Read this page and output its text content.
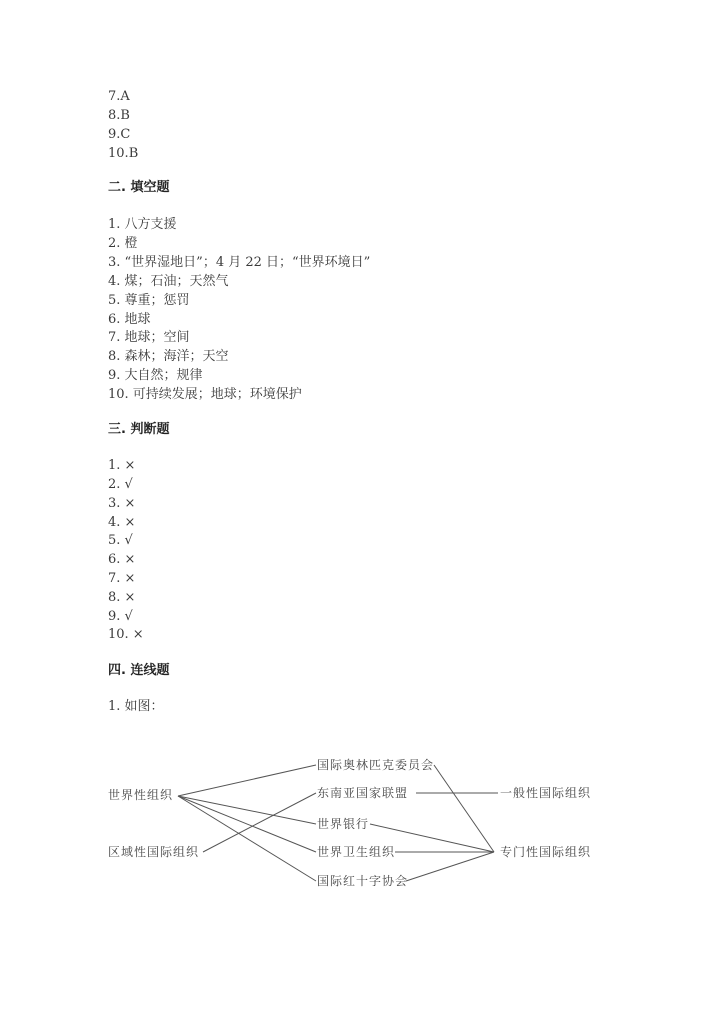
7.A
8.B
9.C
10.B
二. 填空题
1. 八方支援
2. 橙
3. “世界湿地日”；4 月 22 日；“世界环境日”
4. 煤；石油；天然气
5. 尊重；惩罚
6. 地球
7. 地球；空间
8. 森林；海洋；天空
9. 大自然；规律
10. 可持续发展；地球；环境保护
三. 判断题
1. ×
2. √
3. ×
4. ×
5. √
6. ×
7. ×
8. ×
9. √
10. ×
四. 连线题
1. 如图：
世界性组织
区域性国际组织
国际奥林匹克委员会
东南亚国家联盟
世界银行
世界卫生组织
国际红十字协会
一般性国际组织
专门性国际组织
